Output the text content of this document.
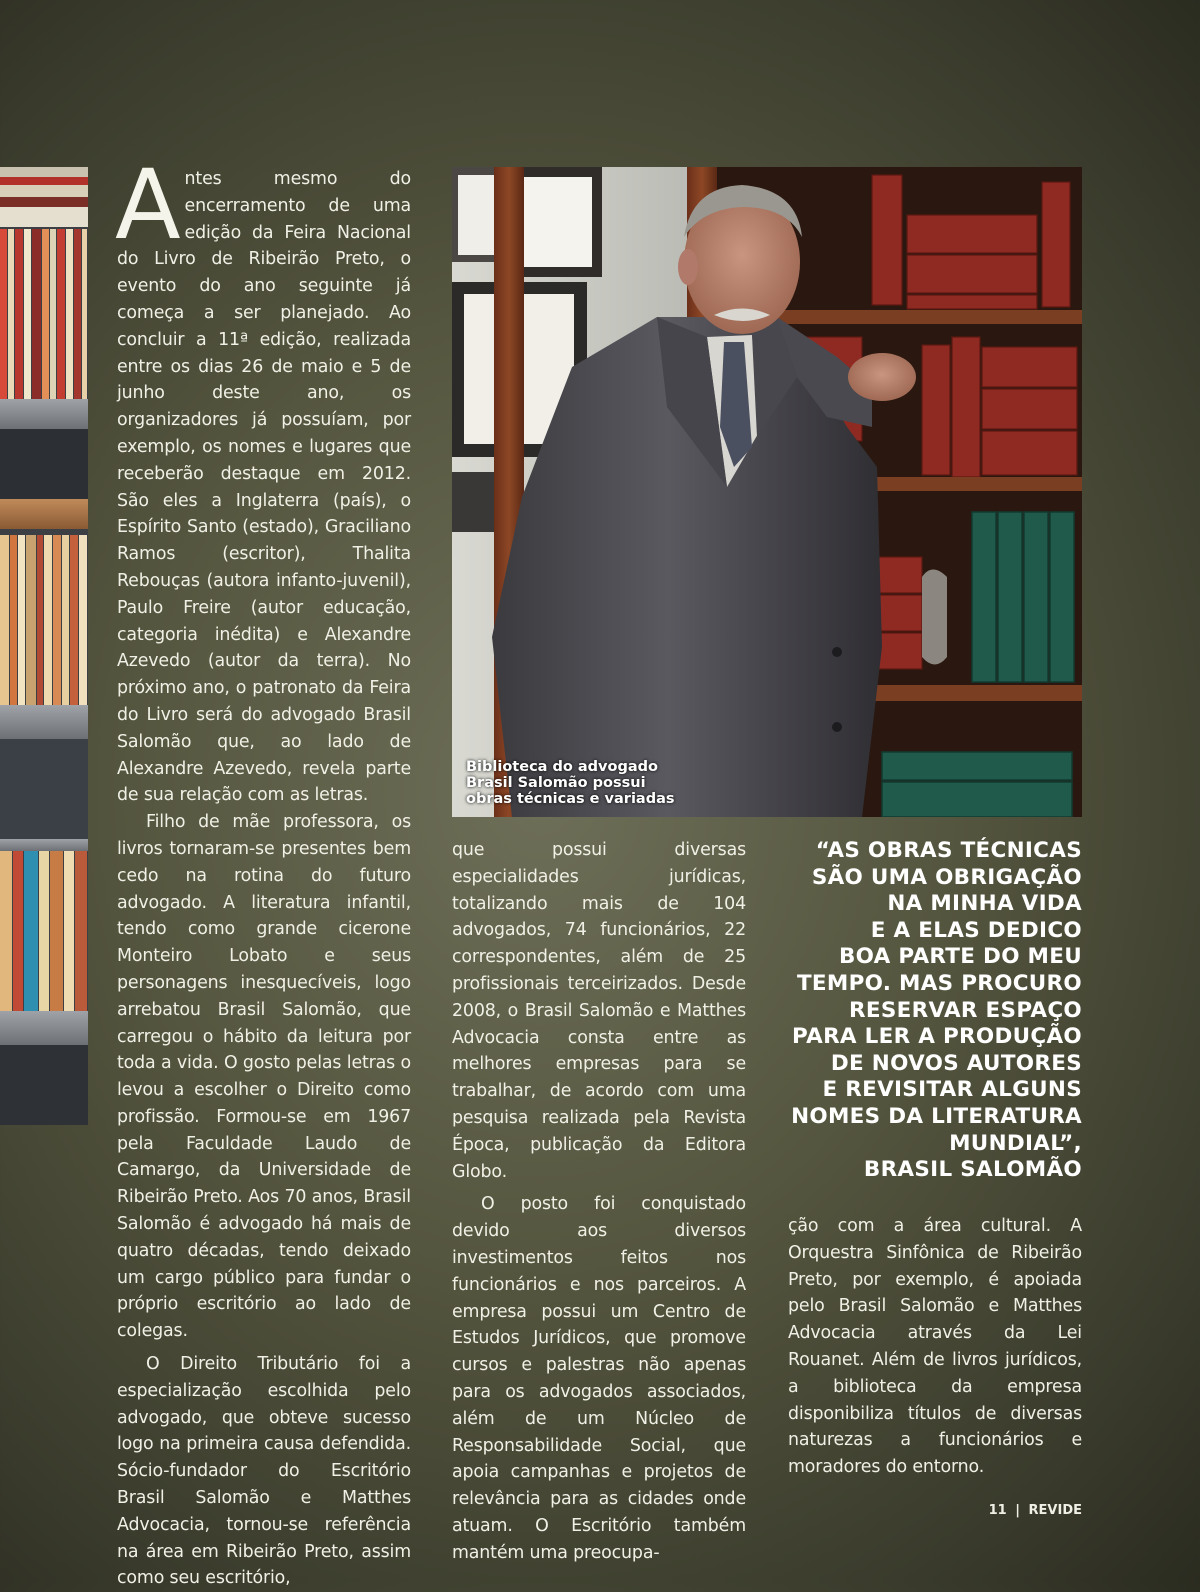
Antes mesmo do encerramento de uma edição da Feira Nacional do Livro de Ribeirão Preto, o evento do ano seguinte já começa a ser planejado. Ao concluir a 11ª edição, realizada entre os dias 26 de maio e 5 de junho deste ano, os organizadores já possuíam, por exemplo, os nomes e lugares que receberão destaque em 2012. São eles a Inglaterra (país), o Espírito Santo (estado), Graciliano Ramos (escritor), Thalita Rebouças (autora infanto-juvenil), Paulo Freire (autor educação, categoria inédita) e Alexandre Azevedo (autor da terra). No próximo ano, o patronato da Feira do Livro será do advogado Brasil Salomão que, ao lado de Alexandre Azevedo, revela parte de sua relação com as letras.

Filho de mãe professora, os livros tornaram-se presentes bem cedo na rotina do futuro advogado. A literatura infantil, tendo como grande cicerone Monteiro Lobato e seus personagens inesquecíveis, logo arrebatou Brasil Salomão, que carregou o hábito da leitura por toda a vida. O gosto pelas letras o levou a escolher o Direito como profissão. Formou-se em 1967 pela Faculdade Laudo de Camargo, da Universidade de Ribeirão Preto. Aos 70 anos, Brasil Salomão é advogado há mais de quatro décadas, tendo deixado um cargo público para fundar o próprio escritório ao lado de colegas.

O Direito Tributário foi a especialização escolhida pelo advogado, que obteve sucesso logo na primeira causa defendida. Sócio-fundador do Escritório Brasil Salomão e Matthes Advocacia, tornou-se referência na área em Ribeirão Preto, assim como seu escritório,

Biblioteca do advogado
Brasil Salomão possui
obras técnicas e variadas

que possui diversas especialidades jurídicas, totalizando mais de 104 advogados, 74 funcionários, 22 correspondentes, além de 25 profissionais terceirizados. Desde 2008, o Brasil Salomão e Matthes Advocacia consta entre as melhores empresas para se trabalhar, de acordo com uma pesquisa realizada pela Revista Época, publicação da Editora Globo.

O posto foi conquistado devido aos diversos investimentos feitos nos funcionários e nos parceiros. A empresa possui um Centro de Estudos Jurídicos, que promove cursos e palestras não apenas para os advogados associados, além de um Núcleo de Responsabilidade Social, que apoia campanhas e projetos de relevância para as cidades onde atuam. O Escritório também mantém uma preocupa-

“AS OBRAS TÉCNICAS
SÃO UMA OBRIGAÇÃO
NA MINHA VIDA
E A ELAS DEDICO
BOA PARTE DO MEU
TEMPO. MAS PROCURO
RESERVAR ESPAÇO
PARA LER A PRODUÇÃO
DE NOVOS AUTORES
E REVISITAR ALGUNS
NOMES DA LITERATURA
MUNDIAL”,
BRASIL SALOMÃO

ção com a área cultural. A Orquestra Sinfônica de Ribeirão Preto, por exemplo, é apoiada pelo Brasil Salomão e Matthes Advocacia através da Lei Rouanet. Além de livros jurídicos, a biblioteca da empresa disponibiliza títulos de diversas naturezas a funcionários e moradores do entorno.

11 | REVIDE
